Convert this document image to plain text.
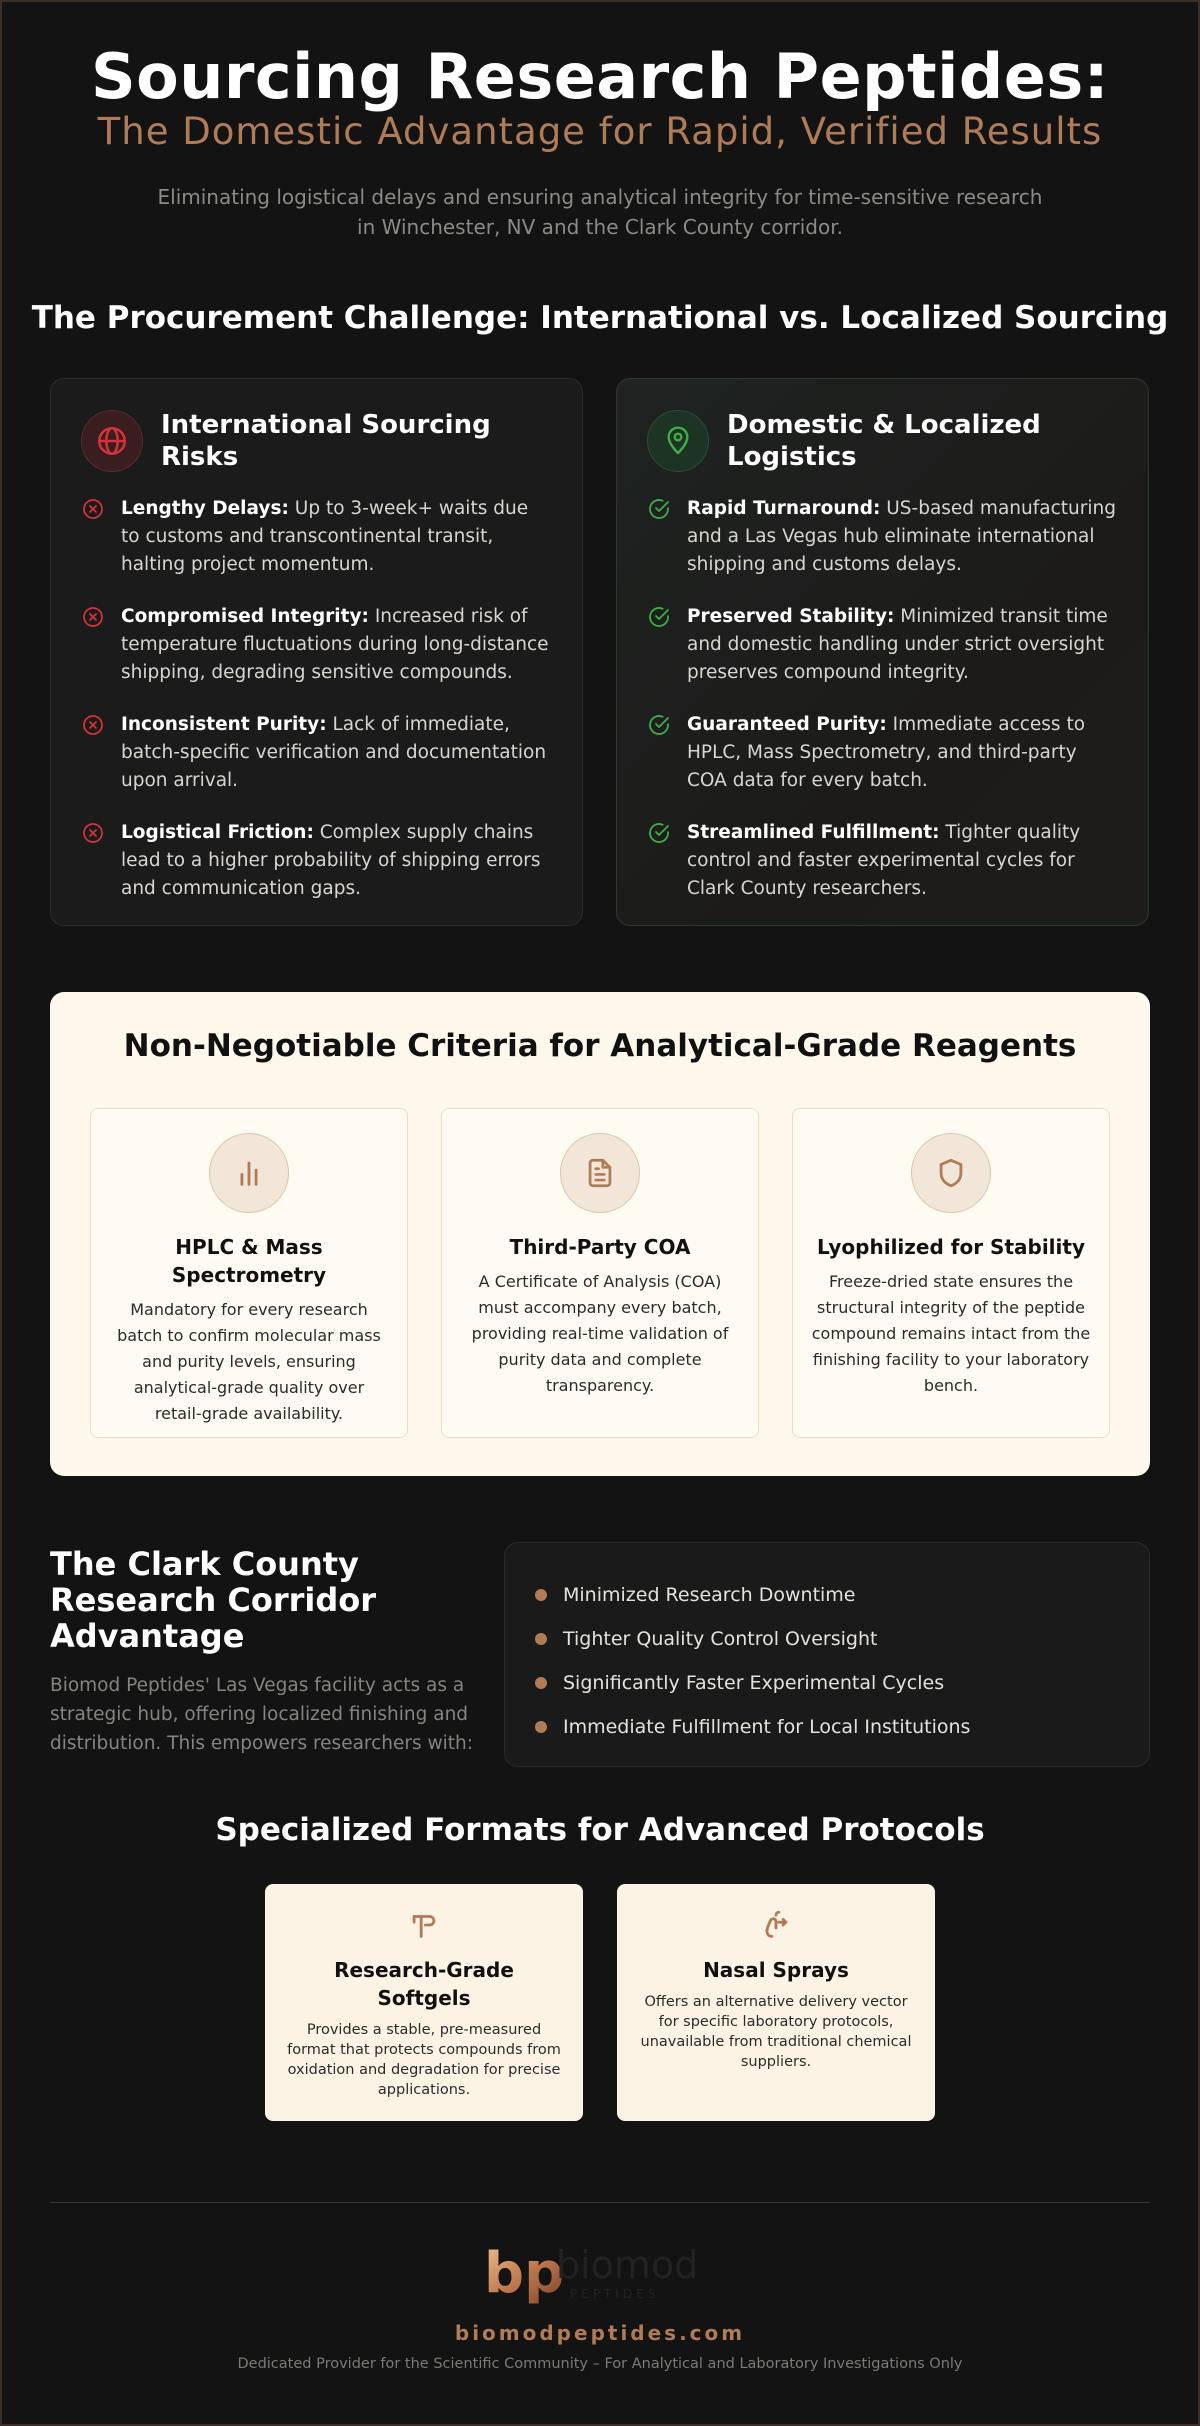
Sourcing Research Peptides:
The Domestic Advantage for Rapid, Verified Results

Eliminating logistical delays and ensuring analytical integrity for time-sensitive research in Winchester, NV and the Clark County corridor.

The Procurement Challenge: International vs. Localized Sourcing
International Sourcing Risks
Lengthy Delays: Up to 3-week+ waits due to customs and transcontinental transit, halting project momentum.
Compromised Integrity: Increased risk of temperature fluctuations during long-distance shipping, degrading sensitive compounds.
Inconsistent Purity: Lack of immediate, batch-specific verification and documentation upon arrival.
Logistical Friction: Complex supply chains lead to a higher probability of shipping errors and communication gaps.
Domestic & Localized Logistics
Rapid Turnaround: US-based manufacturing and a Las Vegas hub eliminate international shipping and customs delays.
Preserved Stability: Minimized transit time and domestic handling under strict oversight preserves compound integrity.
Guaranteed Purity: Immediate access to HPLC, Mass Spectrometry, and third-party COA data for every batch.
Streamlined Fulfillment: Tighter quality control and faster experimental cycles for Clark County researchers.
Non-Negotiable Criteria for Analytical-Grade Reagents
HPLC & Mass Spectrometry
Mandatory for every research batch to confirm molecular mass and purity levels, ensuring analytical-grade quality over retail-grade availability.
Third-Party COA
A Certificate of Analysis (COA) must accompany every batch, providing real-time validation of purity data and complete transparency.
Lyophilized for Stability
Freeze-dried state ensures the structural integrity of the peptide compound remains intact from the finishing facility to your laboratory bench.
The Clark County Research Corridor Advantage

Biomod Peptides' Las Vegas facility acts as a strategic hub, offering localized finishing and distribution. This empowers researchers with:

Minimized Research Downtime
Tighter Quality Control Oversight
Significantly Faster Experimental Cycles
Immediate Fulfillment for Local Institutions
Specialized Formats for Advanced Protocols
Research-Grade Softgels
Provides a stable, pre-measured format that protects compounds from oxidation and degradation for precise applications.
Nasal Sprays
Offers an alternative delivery vector for specific laboratory protocols, unavailable from traditional chemical suppliers.
bp
biomod
PEPTIDES
biomodpeptides.com
Dedicated Provider for the Scientific Community – For Analytical and Laboratory Investigations Only
